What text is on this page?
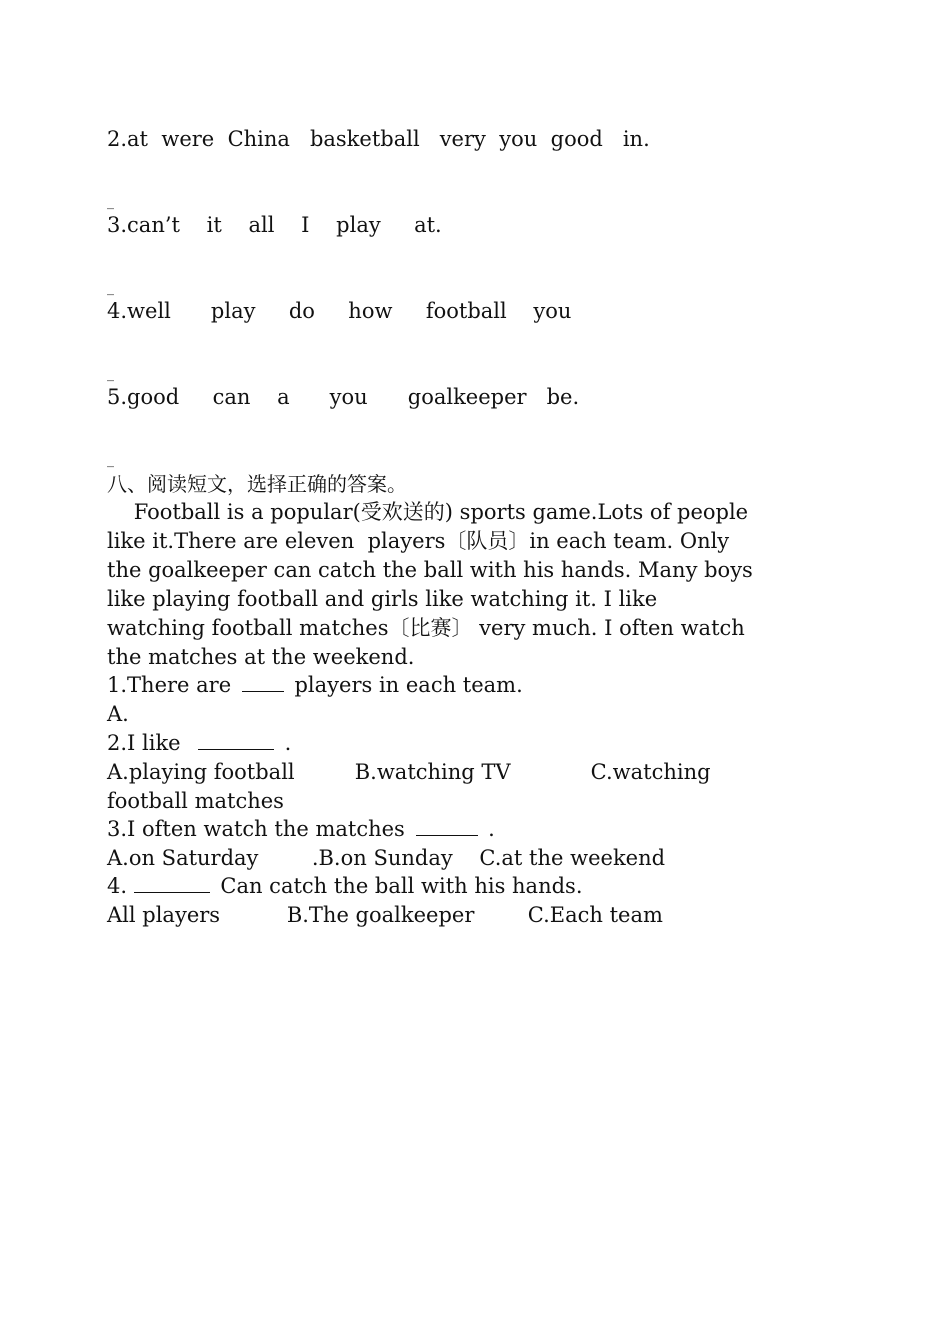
2.at  were  China   basketball   very  you  good   in.
_
3.can’t    it    all    I    play     at.
_
4.well      play     do     how     football    you
_
5.good     can    a      you      goalkeeper   be.
_
八、阅读短文，选择正确的答案。
Football is a popular(受欢送的) sports game.Lots of people
like it.There are eleven  players〔队员〕in each team. Only
the goalkeeper can catch the ball with his hands. Many boys
like playing football and girls like watching it. I like
watching football matches〔比赛〕 very much. I often watch
the matches at the weekend.
1.There are  players in each team.
A.
2.I like	.
A.playing football         B.watching TV            C.watching
football matches
3.I often watch the matches	.
A.on Saturday        .B.on Sunday    C.at the weekend
4.	Can catch the ball with his hands.
All players          B.The goalkeeper        C.Each team
